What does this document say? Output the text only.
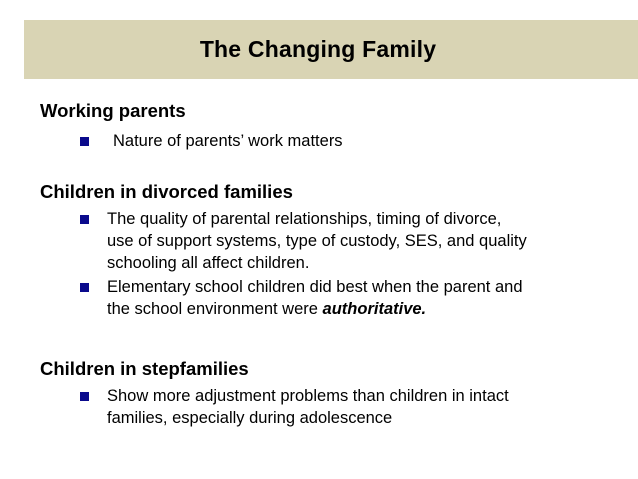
The Changing Family
Working parents
Nature of parents’ work matters
Children in divorced families
The quality of parental relationships, timing of divorce,
use of support systems, type of custody, SES, and quality
schooling all affect children.
Elementary school children did best when the parent and
the school environment were authoritative.
Children in stepfamilies
Show more adjustment problems than children in intact
families, especially during adolescence
